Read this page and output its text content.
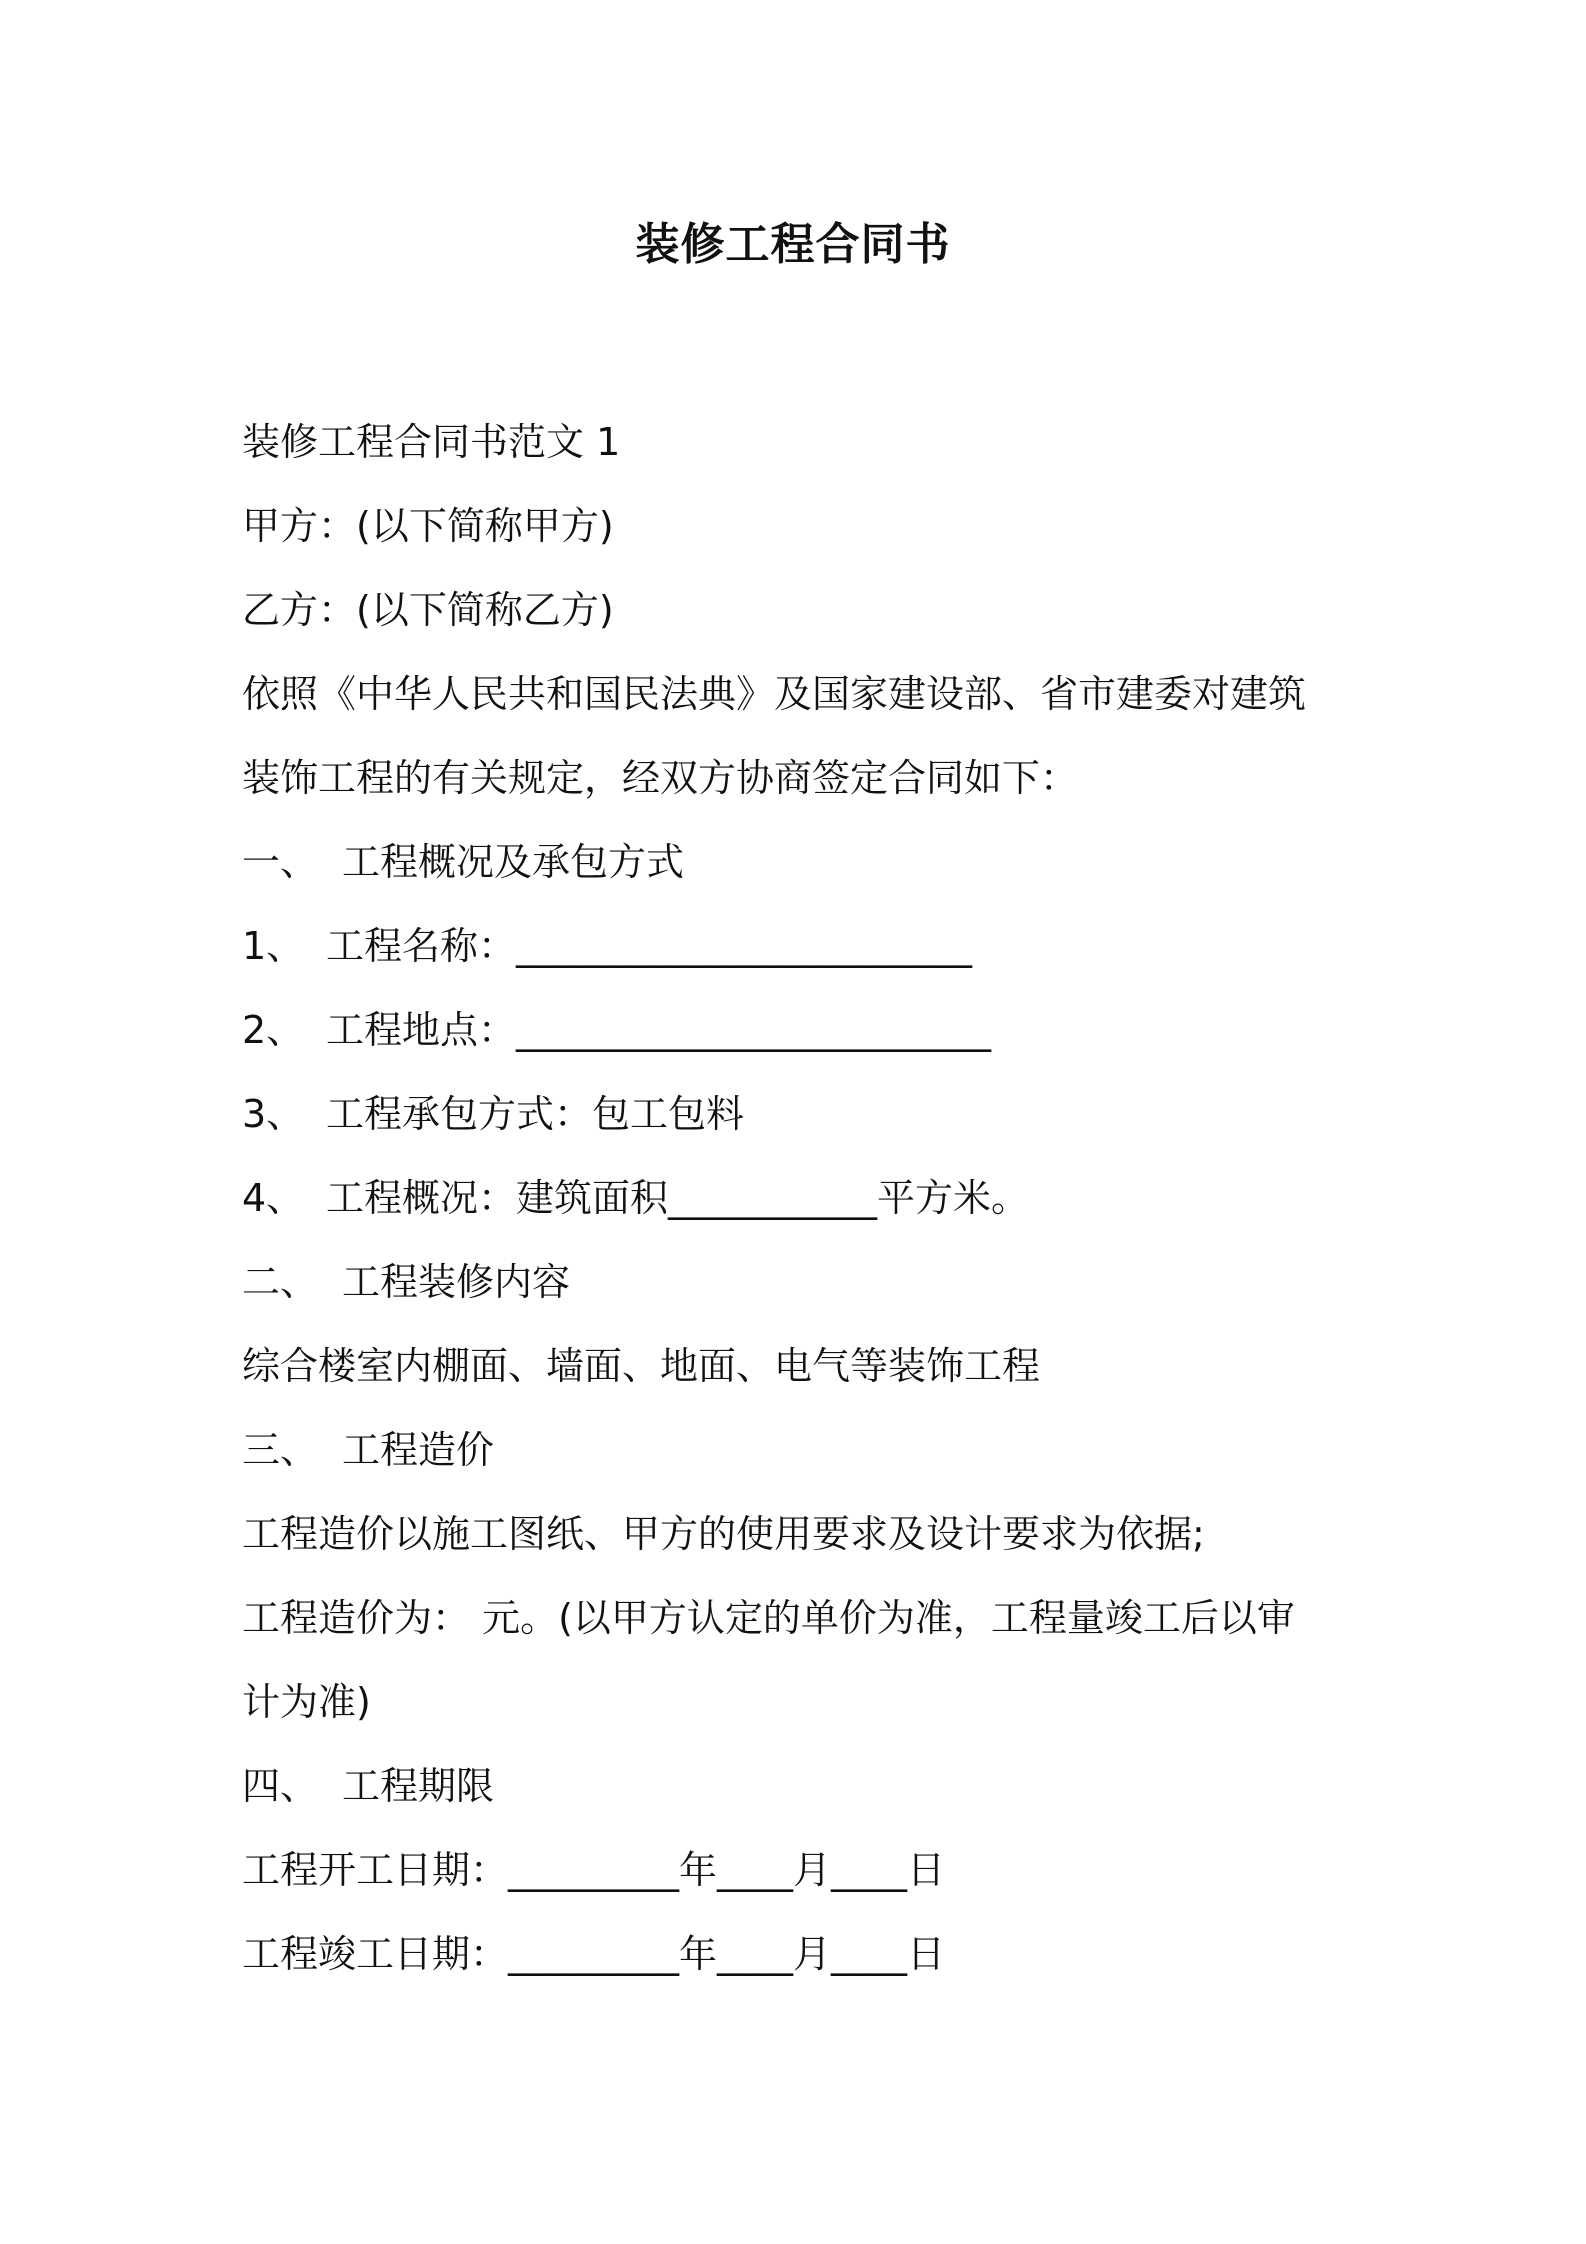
装修工程合同书
装修工程合同书范文 1
甲方：(以下简称甲方)
乙方：(以下简称乙方)
依照《中华人民共和国民法典》及国家建设部、省市建委对建筑
装饰工程的有关规定，经双方协商签定合同如下：
一、 工程概况及承包方式
1、 工程名称：________________________
2、 工程地点：_________________________
3、 工程承包方式：包工包料
4、 工程概况：建筑面积___________平方米。
二、 工程装修内容
综合楼室内棚面、墙面、地面、电气等装饰工程
三、 工程造价
工程造价以施工图纸、甲方的使用要求及设计要求为依据;
工程造价为： 元。(以甲方认定的单价为准，工程量竣工后以审
计为准)
四、 工程期限
工程开工日期：_________年____月____日
工程竣工日期：_________年____月____日
